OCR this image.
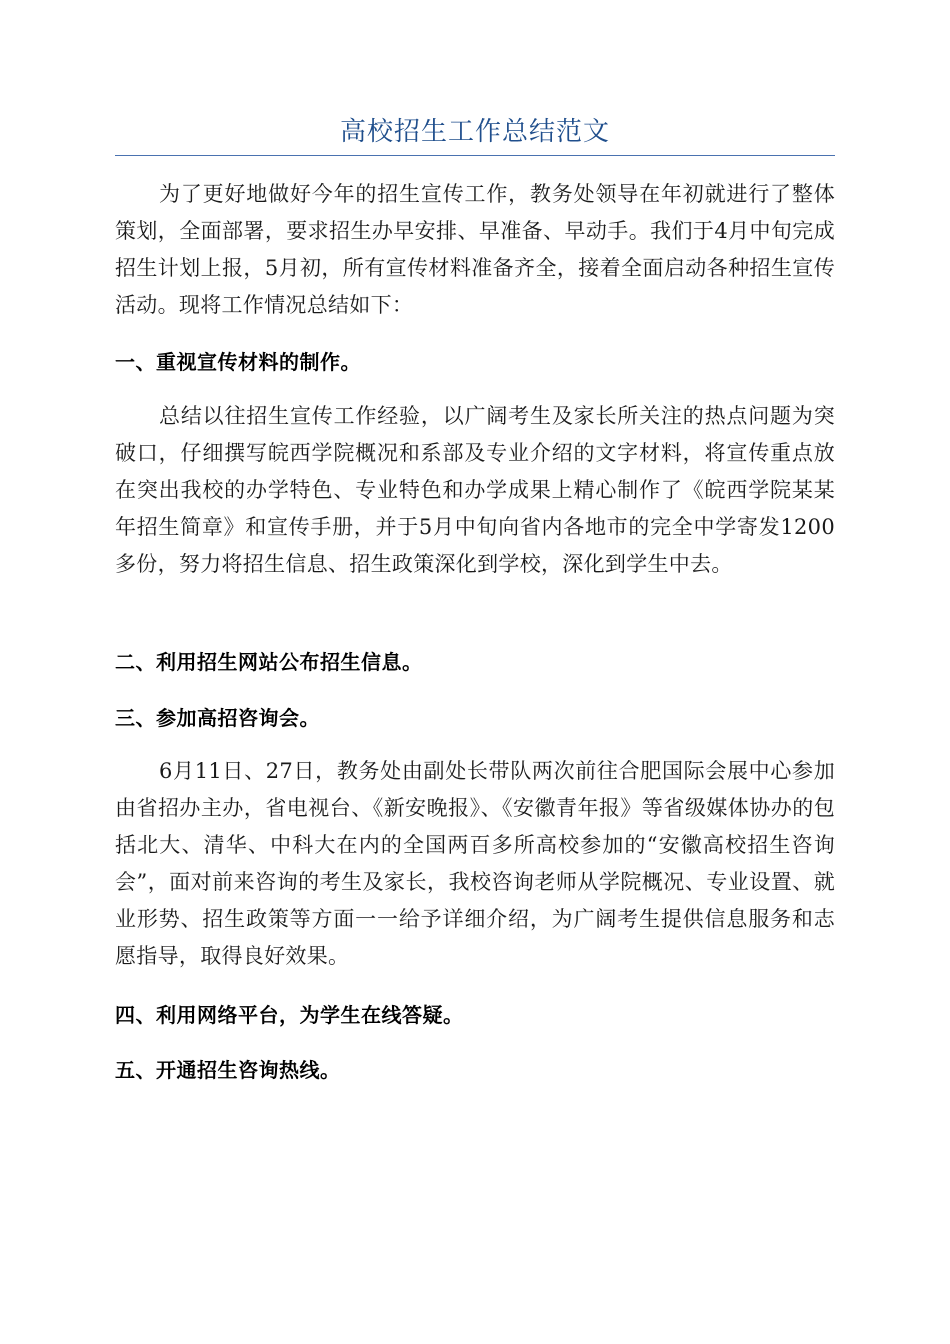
高校招生工作总结范文

为了更好地做好今年的招生宣传工作，教务处领导在年初就进行了整体策划，全面部署，要求招生办早安排、早准备、早动手。我们于4月中旬完成招生计划上报，5月初，所有宣传材料准备齐全，接着全面启动各种招生宣传活动。现将工作情况总结如下：

一、重视宣传材料的制作。

总结以往招生宣传工作经验，以广阔考生及家长所关注的热点问题为突破口，仔细撰写皖西学院概况和系部及专业介绍的文字材料，将宣传重点放在突出我校的办学特色、专业特色和办学成果上精心制作了《皖西学院某某年招生简章》和宣传手册，并于5月中旬向省内各地市的完全中学寄发1200多份，努力将招生信息、招生政策深化到学校，深化到学生中去。

二、利用招生网站公布招生信息。

三、参加高招咨询会。

6月11日、27日，教务处由副处长带队两次前往合肥国际会展中心参加由省招办主办，省电视台、《新安晚报》、《安徽青年报》等省级媒体协办的包括北大、清华、中科大在内的全国两百多所高校参加的“安徽高校招生咨询会”，面对前来咨询的考生及家长，我校咨询老师从学院概况、专业设置、就业形势、招生政策等方面一一给予详细介绍，为广阔考生提供信息服务和志愿指导，取得良好效果。

四、利用网络平台，为学生在线答疑。

五、开通招生咨询热线。
